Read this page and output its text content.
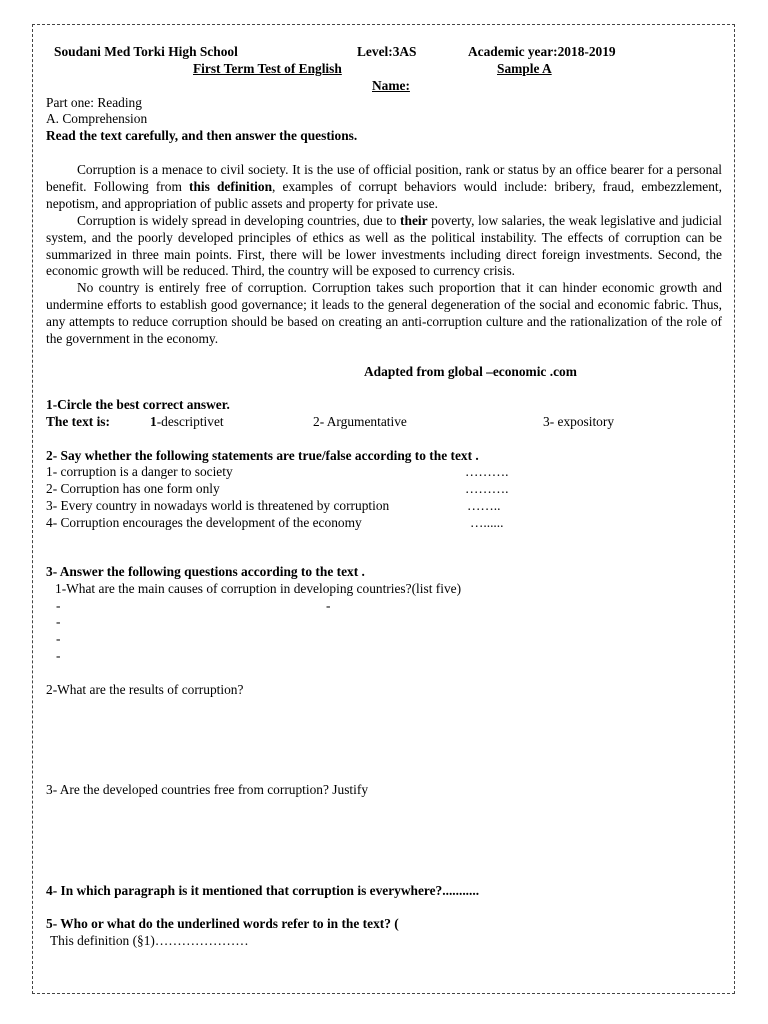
Soudani Med Torki High School	Level:3AS	Academic year:2018-2019
First Term Test of English	Sample A
Name:
Part one: Reading
A. Comprehension
Read the text carefully, and then answer the questions.

Corruption is a menace to civil society. It is the use of official position, rank or status by an office bearer for a personal benefit. Following from this definition, examples of corrupt behaviors would include: bribery, fraud, embezzlement, nepotism, and appropriation of public assets and property for private use.

Corruption is widely spread in developing countries, due to their poverty, low salaries, the weak legislative and judicial system, and the poorly developed principles of ethics as well as the political instability. The effects of corruption can be summarized in three main points. First, there will be lower investments including direct foreign investments. Second, the economic growth will be reduced. Third, the country will be exposed to currency crisis.

No country is entirely free of corruption. Corruption takes such proportion that it can hinder economic growth and undermine efforts to establish good governance; it leads to the general degeneration of the social and economic fabric. Thus, any attempts to reduce corruption should be based on creating an anti-corruption culture and the rationalization of the role of the government in the economy.

Adapted from global –economic .com
1-Circle the best correct answer.
The text is:	1-descriptivet	2- Argumentative	3- expository
2- Say whether the following statements are true/false according to the text .
1- corruption is a danger to society	……….
2- Corruption has one form only	……….
3- Every country in nowadays world is threatened by corruption	……..
4- Corruption encourages the development of the economy	…......
3- Answer the following questions according to the text .
1-What are the main causes of corruption in developing countries?(list five)
-	-
-
-
-
2-What are the results of corruption?
3- Are the developed countries free from corruption? Justify
4- In which paragraph is it mentioned that corruption is everywhere?...........
5- Who or what do the underlined words refer to in the text? (
This definition (§1)…………………
